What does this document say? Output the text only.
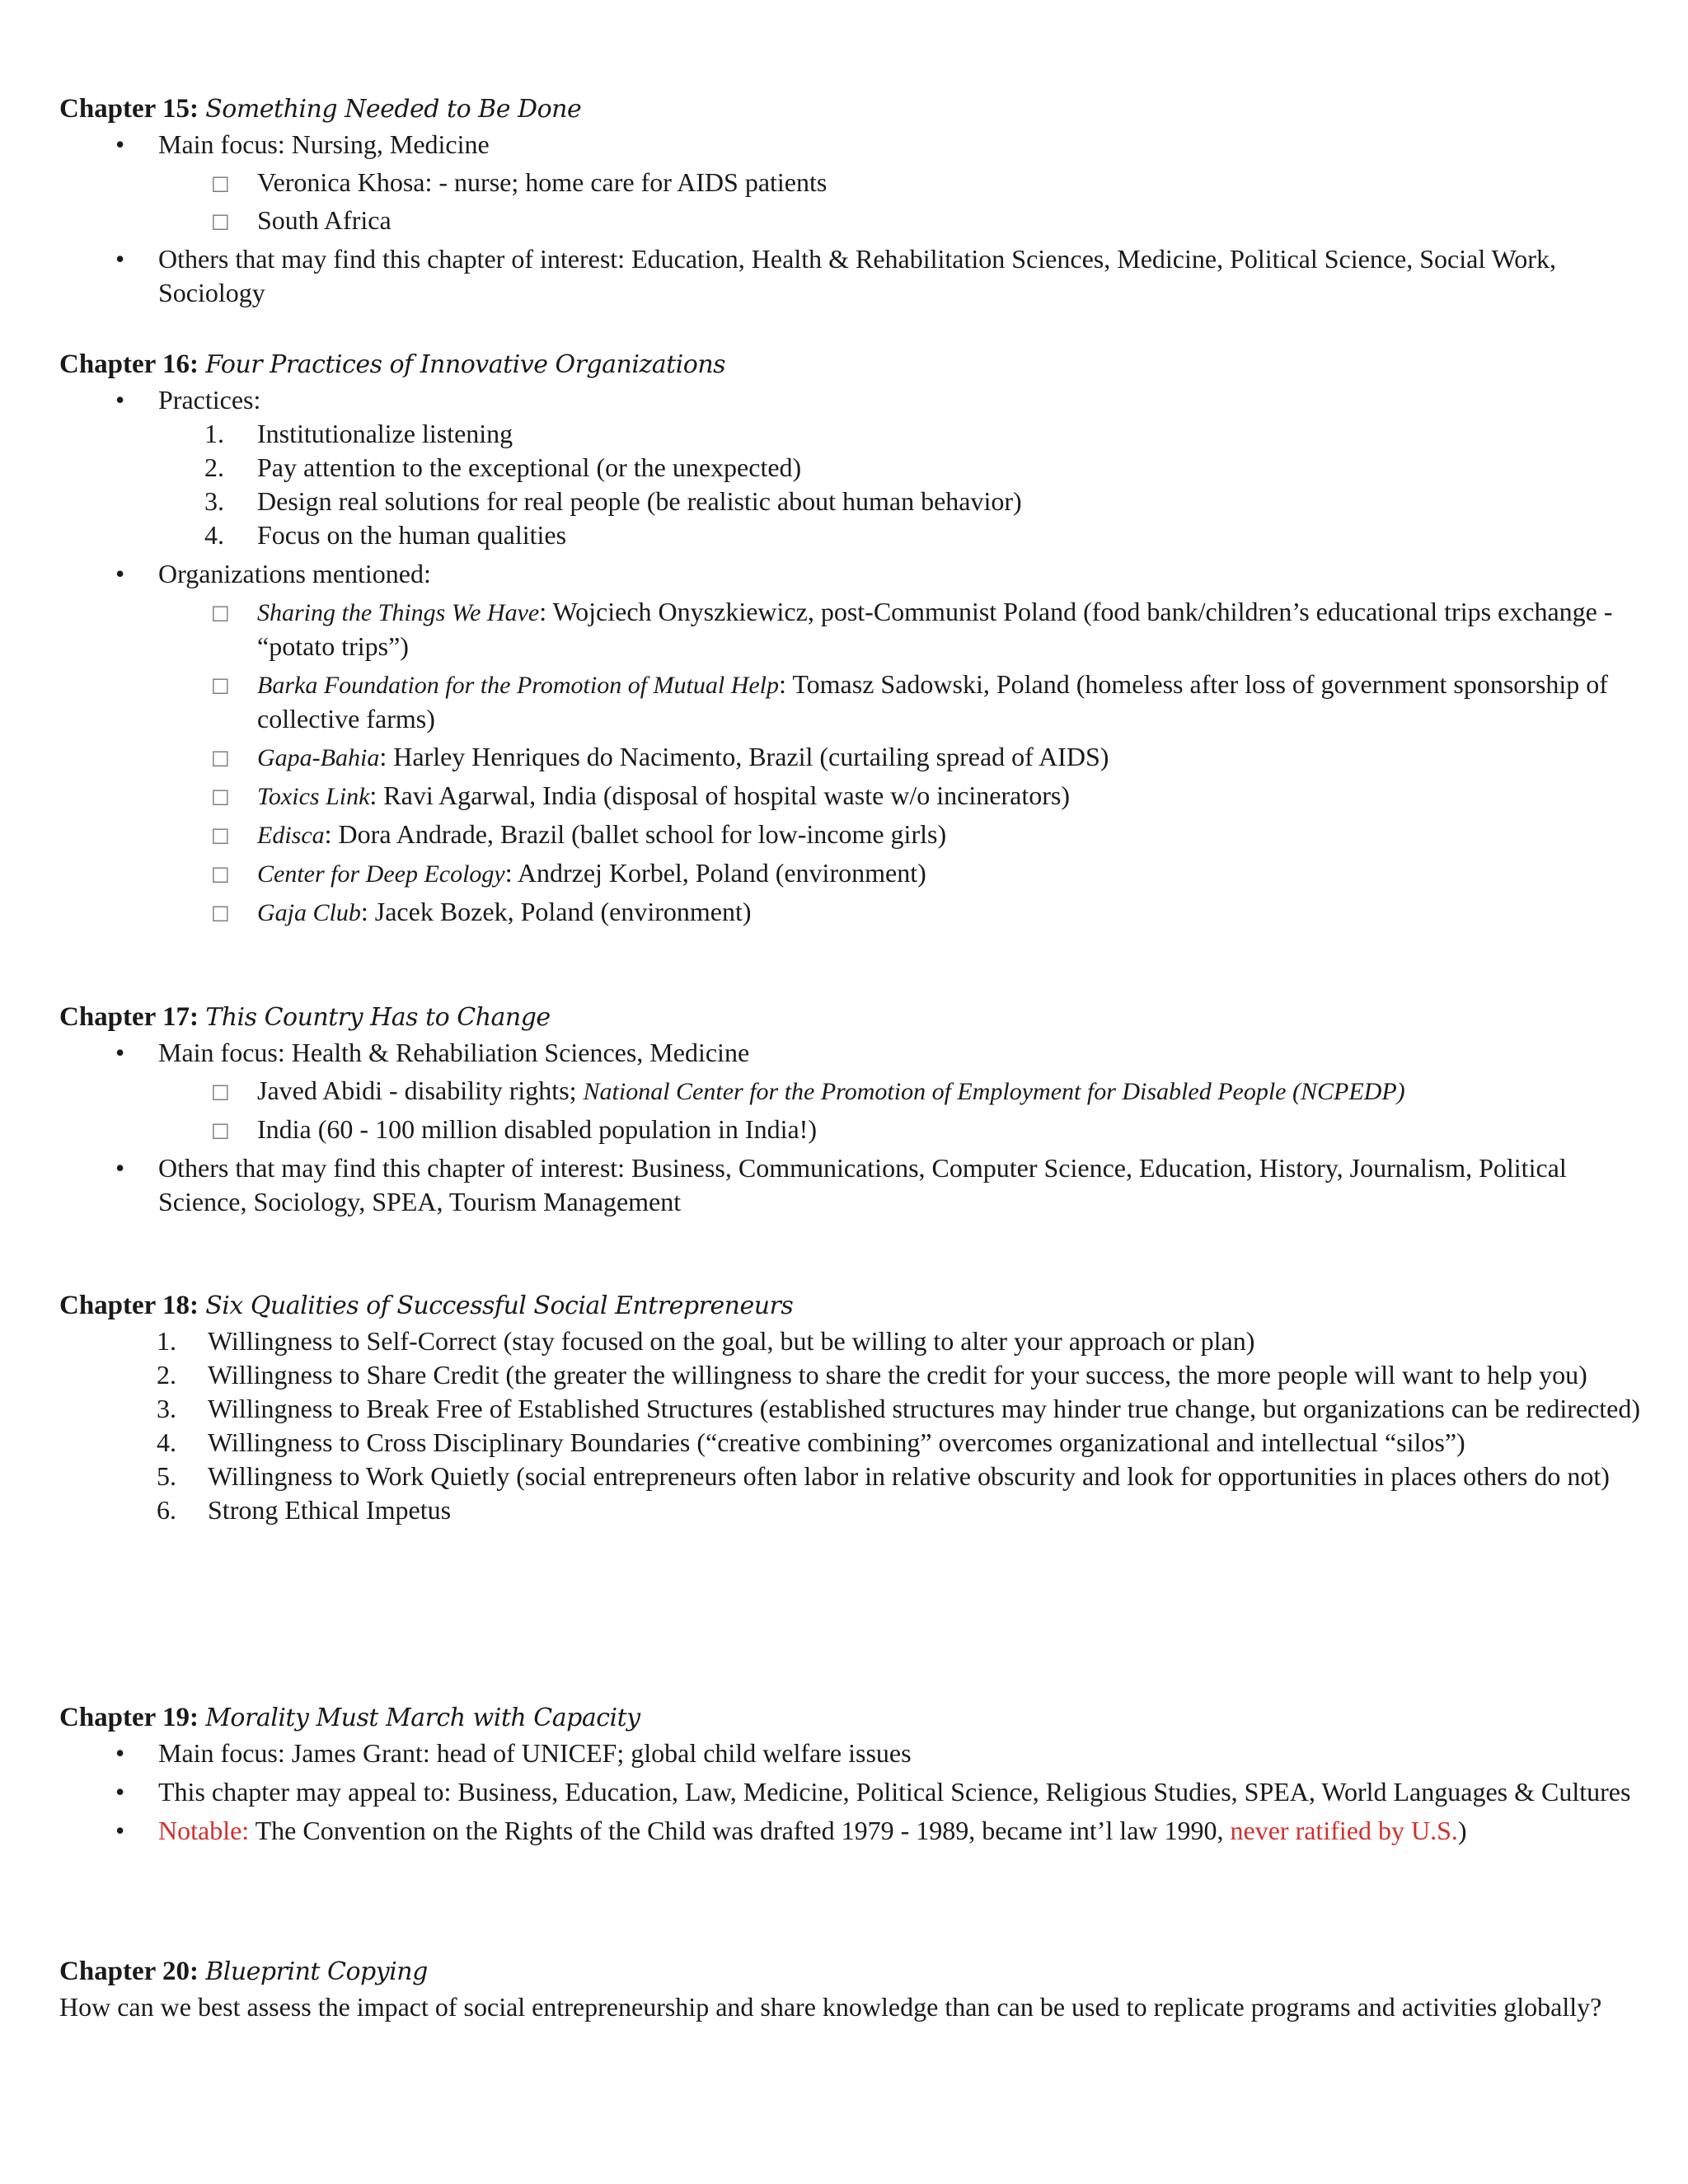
Chapter 15: Something Needed to Be Done
• Main focus: Nursing, Medicine
□ Veronica Khosa: - nurse; home care for AIDS patients
□ South Africa
• Others that may find this chapter of interest: Education, Health & Rehabilitation Sciences, Medicine, Political Science, Social Work, Sociology
Chapter 16: Four Practices of Innovative Organizations
• Practices:
1. Institutionalize listening
2. Pay attention to the exceptional (or the unexpected)
3. Design real solutions for real people (be realistic about human behavior)
4. Focus on the human qualities
• Organizations mentioned:
□ Sharing the Things We Have: Wojciech Onyszkiewicz, post-Communist Poland (food bank/children’s educational trips exchange - “potato trips”)
□ Barka Foundation for the Promotion of Mutual Help: Tomasz Sadowski, Poland (homeless after loss of government sponsorship of collective farms)
□ Gapa-Bahia: Harley Henriques do Nacimento, Brazil (curtailing spread of AIDS)
□ Toxics Link: Ravi Agarwal, India (disposal of hospital waste w/o incinerators)
□ Edisca: Dora Andrade, Brazil (ballet school for low-income girls)
□ Center for Deep Ecology: Andrzej Korbel, Poland (environment)
□ Gaja Club: Jacek Bozek, Poland (environment)
Chapter 17: This Country Has to Change
• Main focus: Health & Rehabiliation Sciences, Medicine
□ Javed Abidi - disability rights; National Center for the Promotion of Employment for Disabled People (NCPEDP)
□ India (60 - 100 million disabled population in India!)
• Others that may find this chapter of interest: Business, Communications, Computer Science, Education, History, Journalism, Political Science, Sociology, SPEA, Tourism Management
Chapter 18: Six Qualities of Successful Social Entrepreneurs
1. Willingness to Self-Correct (stay focused on the goal, but be willing to alter your approach or plan)
2. Willingness to Share Credit (the greater the willingness to share the credit for your success, the more people will want to help you)
3. Willingness to Break Free of Established Structures (established structures may hinder true change, but organizations can be redirected)
4. Willingness to Cross Disciplinary Boundaries (“creative combining” overcomes organizational and intellectual “silos”)
5. Willingness to Work Quietly (social entrepreneurs often labor in relative obscurity and look for opportunities in places others do not)
6. Strong Ethical Impetus
Chapter 19: Morality Must March with Capacity
• Main focus: James Grant: head of UNICEF; global child welfare issues
• This chapter may appeal to: Business, Education, Law, Medicine, Political Science, Religious Studies, SPEA, World Languages & Cultures
• Notable: The Convention on the Rights of the Child was drafted 1979 - 1989, became int’l law 1990, never ratified by U.S.)
Chapter 20: Blueprint Copying

How can we best assess the impact of social entrepreneurship and share knowledge than can be used to replicate programs and activities globally?
